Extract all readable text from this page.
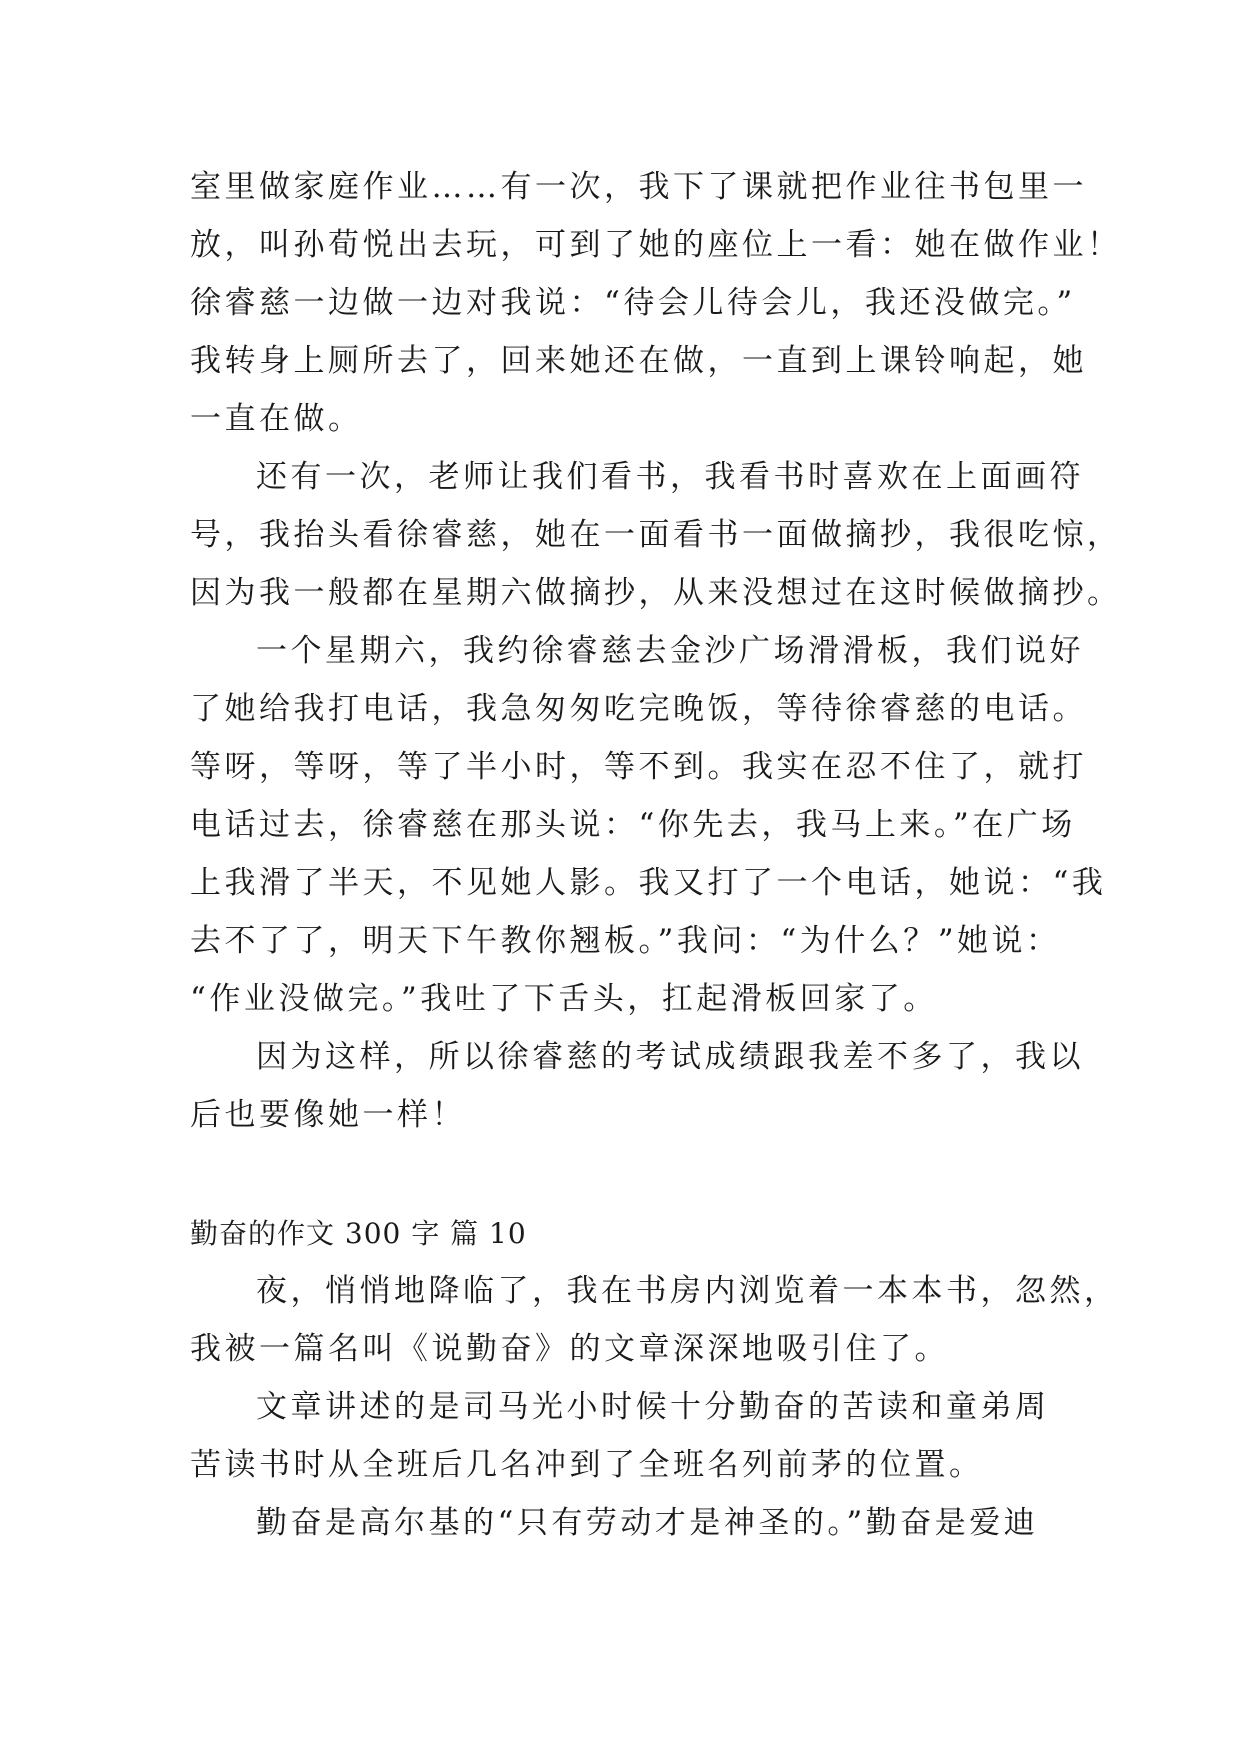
室里做家庭作业……有一次，我下了课就把作业往书包里一
放，叫孙荀悦出去玩，可到了她的座位上一看：她在做作业！
徐睿慈一边做一边对我说：“待会儿待会儿，我还没做完。”
我转身上厕所去了，回来她还在做，一直到上课铃响起，她
一直在做。
还有一次，老师让我们看书，我看书时喜欢在上面画符
号，我抬头看徐睿慈，她在一面看书一面做摘抄，我很吃惊，
因为我一般都在星期六做摘抄，从来没想过在这时候做摘抄。
一个星期六，我约徐睿慈去金沙广场滑滑板，我们说好
了她给我打电话，我急匆匆吃完晚饭，等待徐睿慈的电话。
等呀，等呀，等了半小时，等不到。我实在忍不住了，就打
电话过去，徐睿慈在那头说：“你先去，我马上来。”在广场
上我滑了半天，不见她人影。我又打了一个电话，她说：“我
去不了了，明天下午教你翘板。”我问：“为什么？”她说：
“作业没做完。”我吐了下舌头，扛起滑板回家了。
因为这样，所以徐睿慈的考试成绩跟我差不多了，我以
后也要像她一样！
勤奋的作文 300 字 篇 10
夜，悄悄地降临了，我在书房内浏览着一本本书，忽然，
我被一篇名叫《说勤奋》的文章深深地吸引住了。
文章讲述的是司马光小时候十分勤奋的苦读和童弟周
苦读书时从全班后几名冲到了全班名列前茅的位置。
勤奋是高尔基的“只有劳动才是神圣的。”勤奋是爱迪
